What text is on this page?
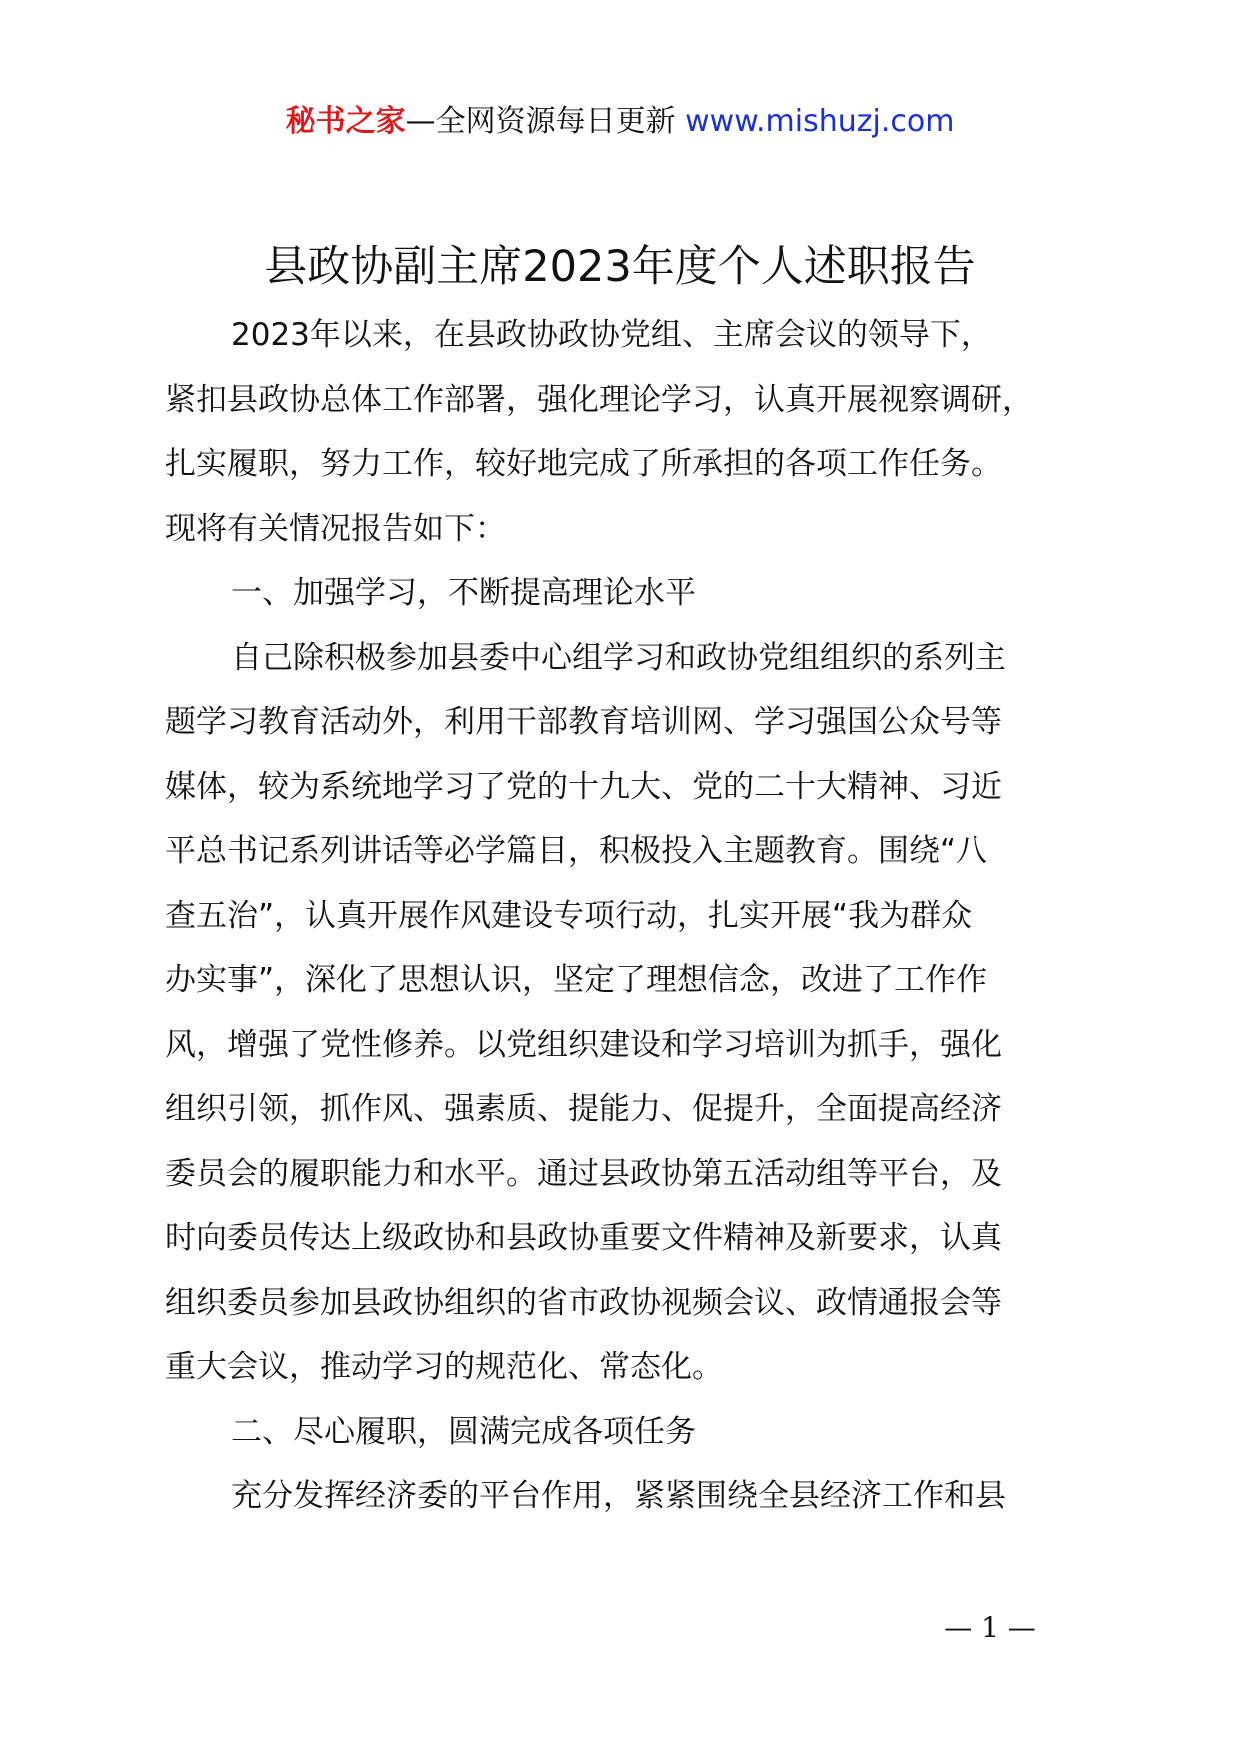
秘书之家—全网资源每日更新 www.mishuzj.com
县政协副主席2023年度个人述职报告
2023年以来，在县政协政协党组、主席会议的领导下，
紧扣县政协总体工作部署，强化理论学习，认真开展视察调研，
扎实履职，努力工作，较好地完成了所承担的各项工作任务。
现将有关情况报告如下：
一、加强学习，不断提高理论水平
自己除积极参加县委中心组学习和政协党组组织的系列主
题学习教育活动外，利用干部教育培训网、学习强国公众号等
媒体，较为系统地学习了党的十九大、党的二十大精神、习近
平总书记系列讲话等必学篇目，积极投入主题教育。围绕“八
查五治”，认真开展作风建设专项行动，扎实开展“我为群众
办实事”，深化了思想认识，坚定了理想信念，改进了工作作
风，增强了党性修养。以党组织建设和学习培训为抓手，强化
组织引领，抓作风、强素质、提能力、促提升，全面提高经济
委员会的履职能力和水平。通过县政协第五活动组等平台，及
时向委员传达上级政协和县政协重要文件精神及新要求，认真
组织委员参加县政协组织的省市政协视频会议、政情通报会等
重大会议，推动学习的规范化、常态化。
二、尽心履职，圆满完成各项任务
充分发挥经济委的平台作用，紧紧围绕全县经济工作和县
— 1 —
